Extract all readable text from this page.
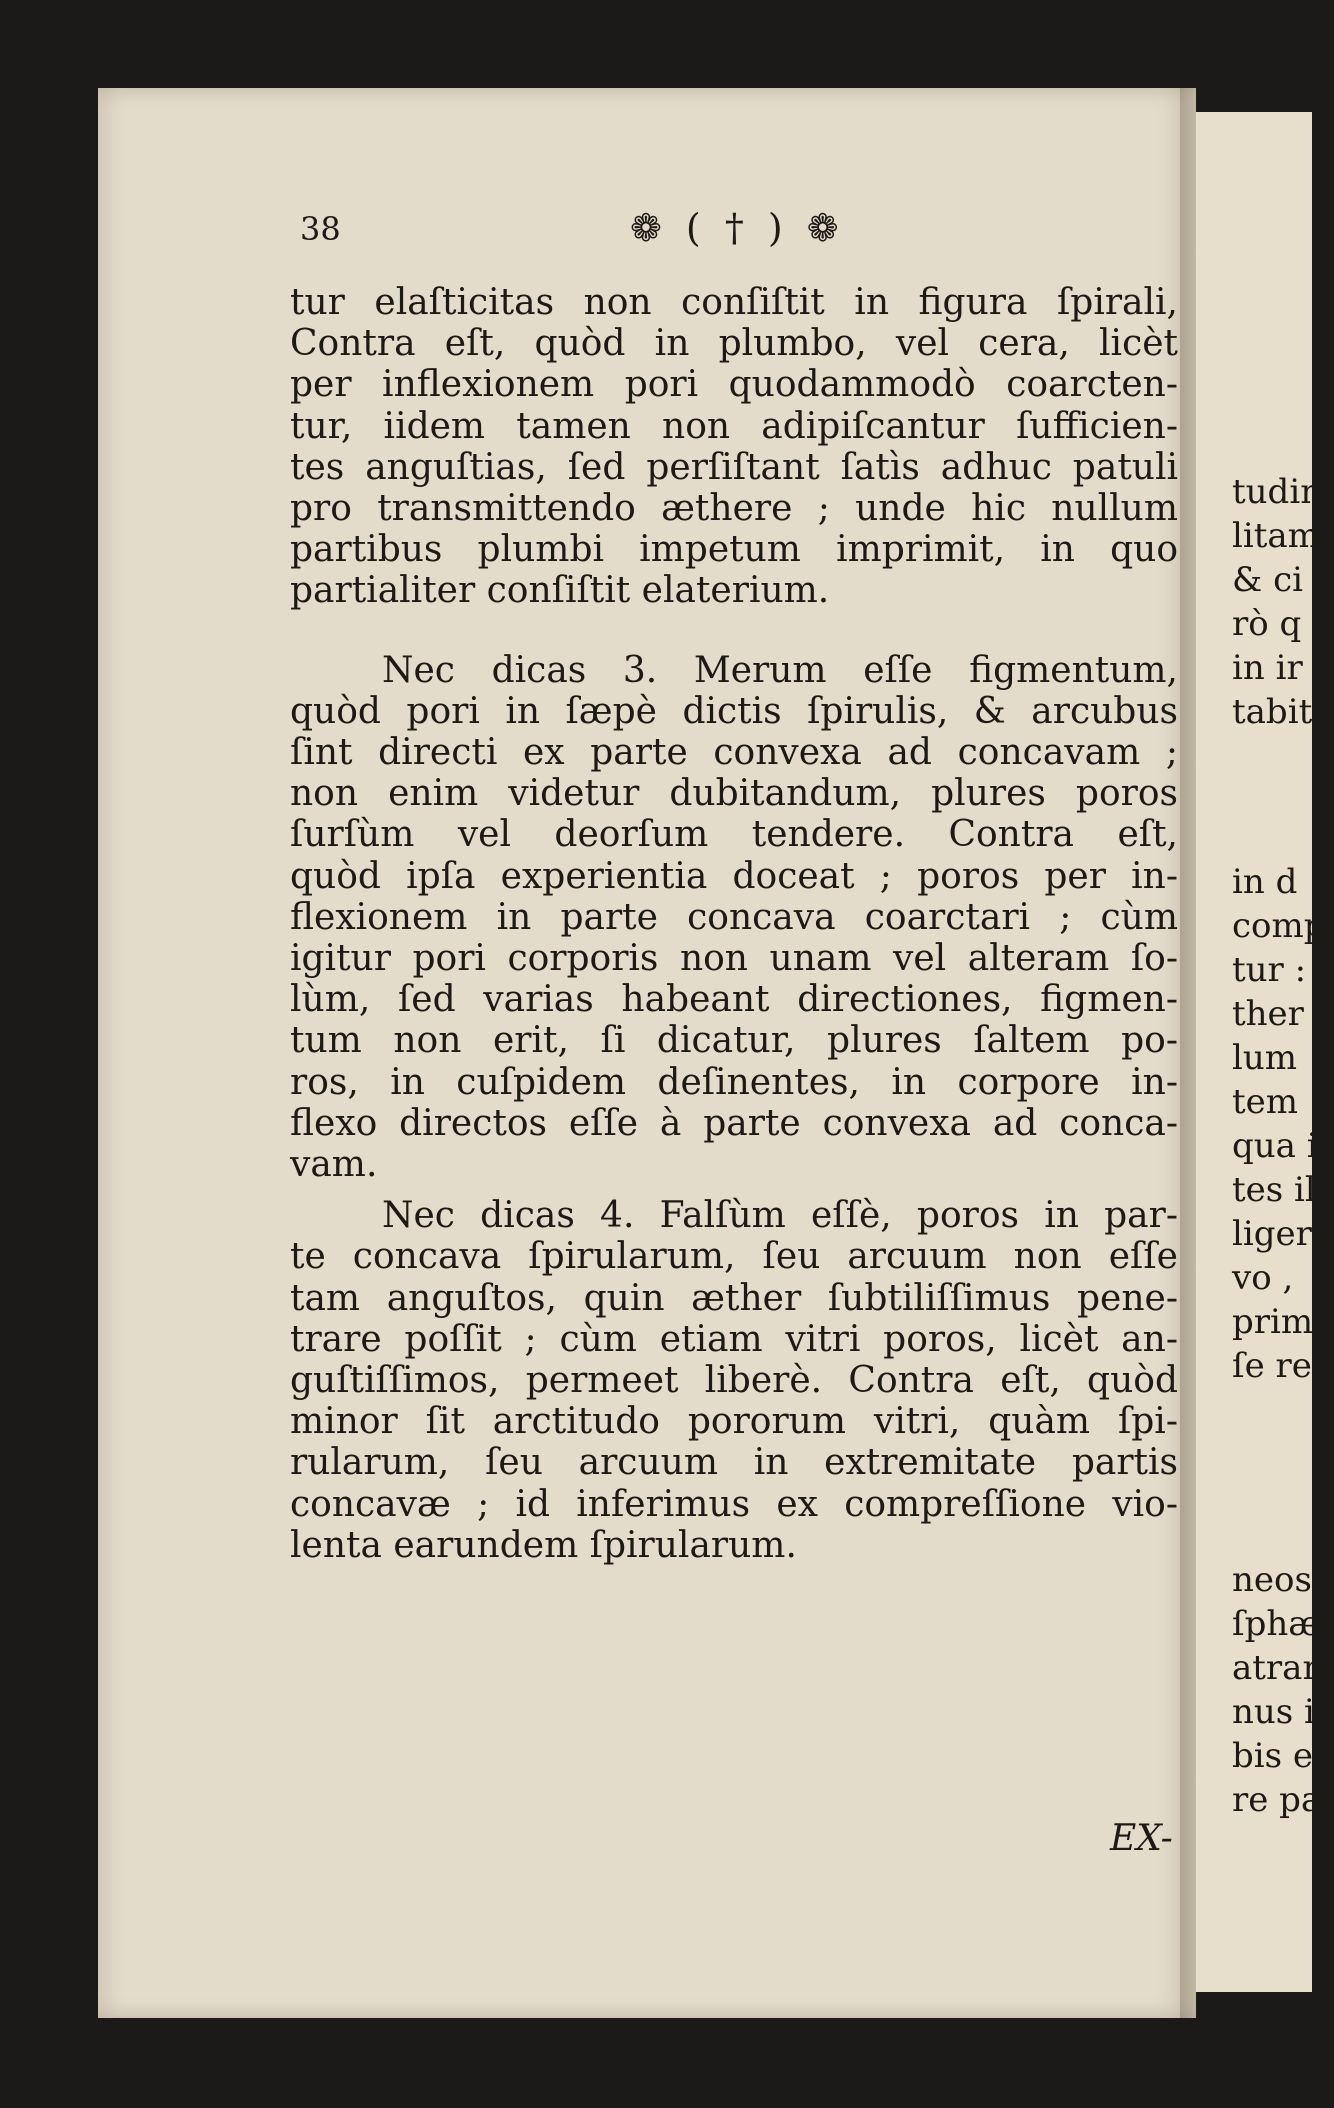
38	❁ ( † ) ❁
tur elaſticitas non conſiſtit in figura ſpirali,
Contra eſt, quòd in plumbo, vel cera, licèt
per inflexionem pori quodammodò coarcten-
tur, iidem tamen non adipiſcantur ſufficien-
tes anguſtias, ſed perſiſtant ſatìs adhuc patuli
pro transmittendo æthere ; unde hic nullum
partibus plumbi impetum imprimit, in quo
partialiter conſiſtit elaterium.
Nec dicas 3. Merum eſſe figmentum,
quòd pori in ſæpè dictis ſpirulis, & arcubus
ſint directi ex parte convexa ad concavam ;
non enim videtur dubitandum, plures poros
ſurſùm vel deorſum tendere. Contra eſt,
quòd ipſa experientia doceat ; poros per in-
flexionem in parte concava coarctari ; cùm
igitur pori corporis non unam vel alteram ſo-
lùm, ſed varias habeant directiones, figmen-
tum non erit, ſi dicatur, plures ſaltem po-
ros, in cuſpidem deſinentes, in corpore in-
flexo directos eſſe à parte convexa ad conca-
vam.
Nec dicas 4. Falſùm eſſè, poros in par-
te concava ſpirularum, ſeu arcuum non eſſe
tam anguſtos, quin æther ſubtiliſſimus pene-
trare poſſit ; cùm etiam vitri poros, licèt an-
guſtiſſimos, permeet liberè. Contra eſt, quòd
minor ſit arctitudo pororum vitri, quàm ſpi-
rularum, ſeu arcuum in extremitate partis
concavæ ; id inferimus ex compreſſione vio-
lenta earundem ſpirularum.
EX-
tudin
litam
& ci
rò q
in ir
tabit
in d
comp
tur :
ther
lum
tem
qua i
tes il
ligere
vo ,
prim
ſe re
neos ,
ſphæ
atran
nus i
bis e
re pa
